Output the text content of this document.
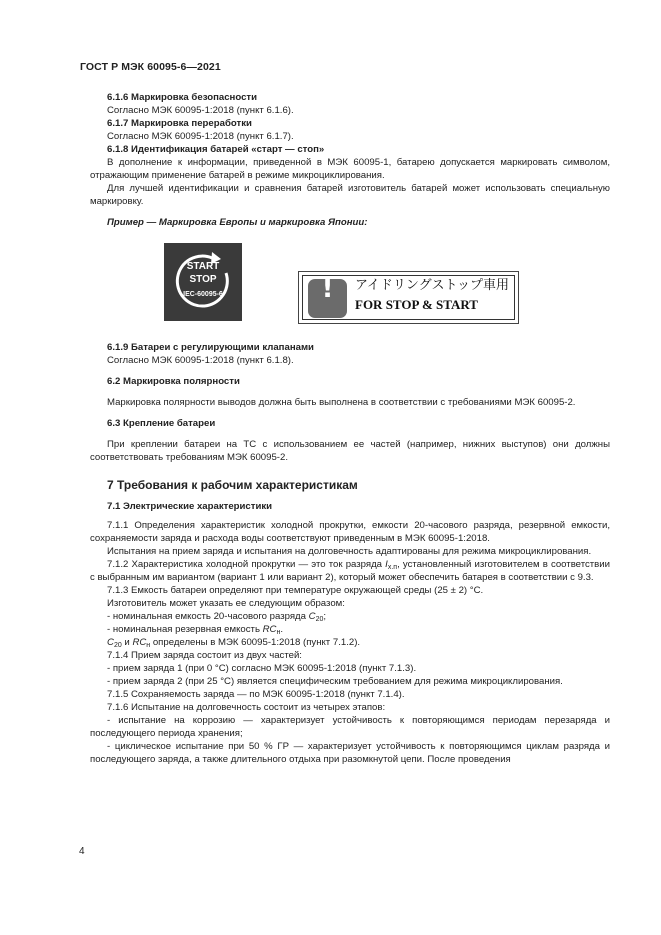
ГОСТ Р МЭК 60095-6—2021

6.1.6 Маркировка безопасности

Согласно МЭК 60095-1:2018 (пункт 6.1.6).

6.1.7 Маркировка переработки

Согласно МЭК 60095-1:2018 (пункт 6.1.7).

6.1.8 Идентификация батарей «старт — стоп»

В дополнение к информации, приведенной в МЭК 60095-1, батарею допускается маркировать символом, отражающим применение батарей в режиме микроциклирования.

Для лучшей идентификации и сравнения батарей изготовитель батарей может использовать специальную маркировку.

Пример — Маркировка Европы и маркировка Японии:

START
STOP
IEC-60095-6	!	アイドリングストップ車用
FOR STOP & START

6.1.9 Батареи с регулирующими клапанами

Согласно МЭК 60095-1:2018 (пункт 6.1.8).

6.2 Маркировка полярности

Маркировка полярности выводов должна быть выполнена в соответствии с требованиями МЭК 60095-2.

6.3 Крепление батареи

При креплении батареи на ТС с использованием ее частей (например, нижних выступов) они должны соответствовать требованиям МЭК 60095-2.

7 Требования к рабочим характеристикам

7.1 Электрические характеристики

7.1.1 Определения характеристик холодной прокрутки, емкости 20-часового разряда, резервной емкости, сохраняемости заряда и расхода воды соответствуют приведенным в МЭК 60095-1:2018.

Испытания на прием заряда и испытания на долговечность адаптированы для режима микроциклирования.

7.1.2 Характеристика холодной прокрутки — это ток разряда $I_{х.п}$, установленный изготовителем в соответствии с выбранным им вариантом (вариант 1 или вариант 2), который может обеспечить батарея в соответствии с 9.3.

7.1.3 Емкость батареи определяют при температуре окружающей среды (25 ± 2) °С.

Изготовитель может указать ее следующим образом:

- номинальная емкость 20-часового разряда $C_{20}$;

- номинальная резервная емкость $RC_н$.

$C_{20}$ и $RC_н$ определены в МЭК 60095-1:2018 (пункт 7.1.2).

7.1.4 Прием заряда состоит из двух частей:

- прием заряда 1 (при 0 °С) согласно МЭК 60095-1:2018 (пункт 7.1.3).

- прием заряда 2 (при 25 °С) является специфическим требованием для режима микроциклирования.

7.1.5 Сохраняемость заряда — по МЭК 60095-1:2018 (пункт 7.1.4).

7.1.6 Испытание на долговечность состоит из четырех этапов:

- испытание на коррозию — характеризует устойчивость к повторяющимся периодам перезаряда и последующего периода хранения;

- циклическое испытание при 50 % ГР — характеризует устойчивость к повторяющимся циклам разряда и последующего заряда, а также длительного отдыха при разомкнутой цепи. После проведения

4
